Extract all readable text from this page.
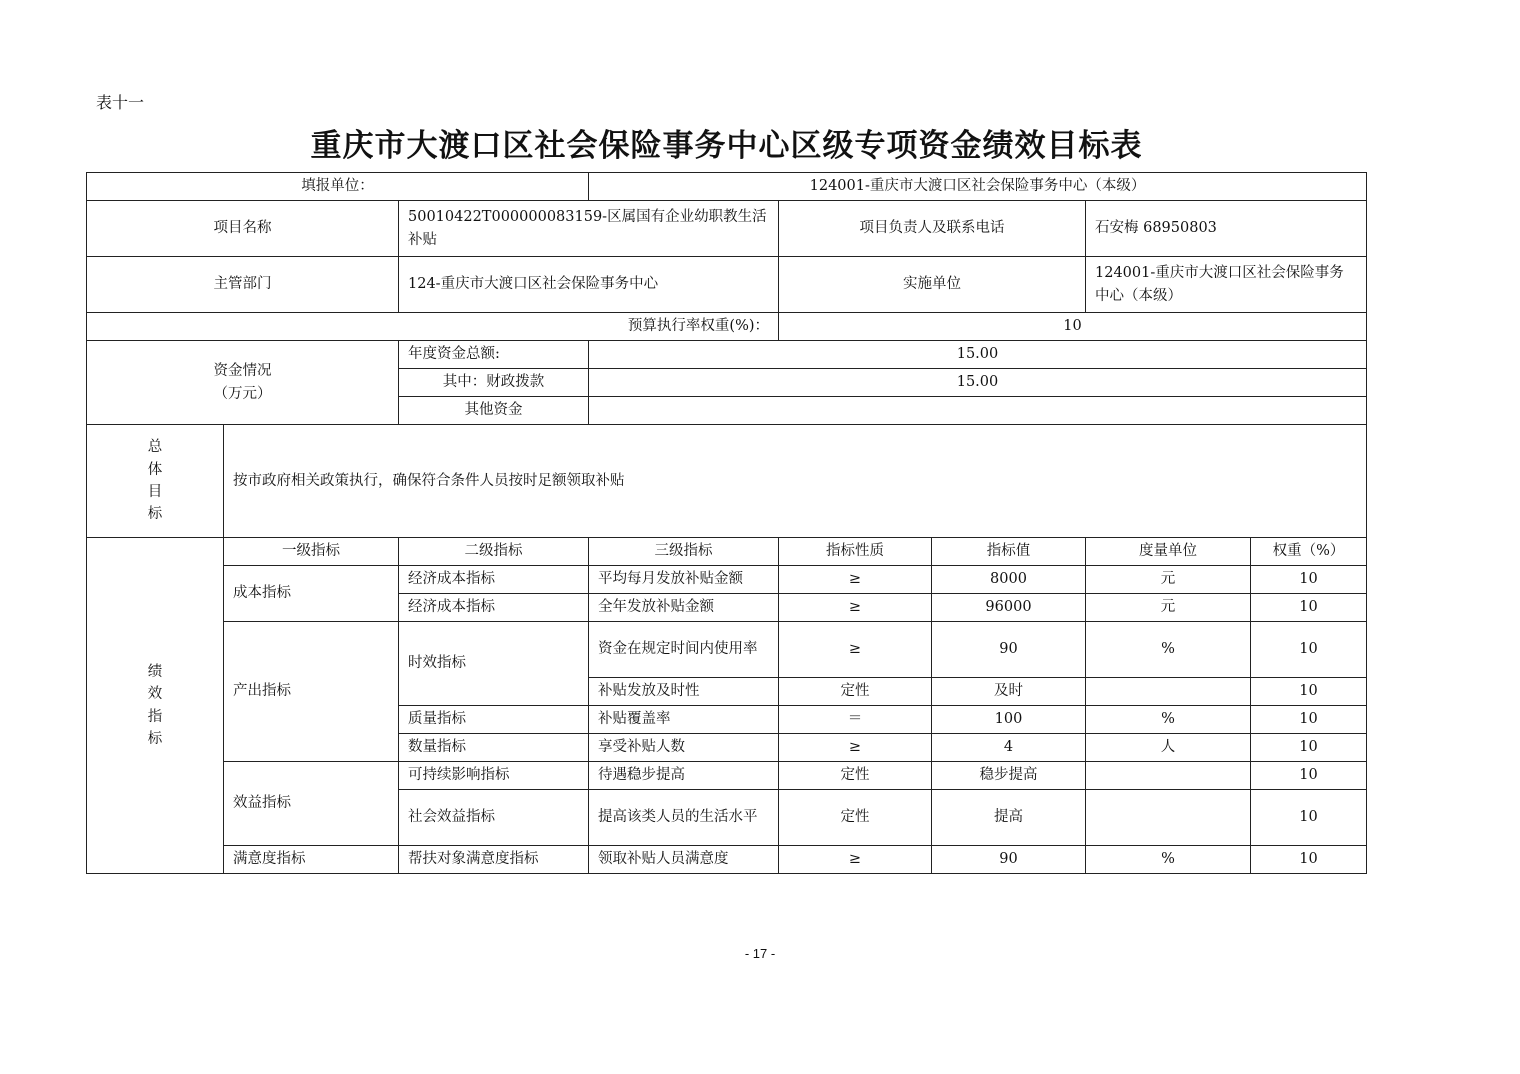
表十一
重庆市大渡口区社会保险事务中心区级专项资金绩效目标表
填报单位：			124001-重庆市大渡口区社会保险事务中心（本级）				
项目名称		50010422T000000083159-区属国有企业幼职教生活补贴		项目负责人及联系电话		石安梅 68950803	
主管部门		124-重庆市大渡口区社会保险事务中心		实施单位		124001-重庆市大渡口区社会保险事务中心（本级）	
预算执行率权重(%)：				10			

资金情况
（万元）		年度资金总额:	15.00				
		其中：财政拨款	15.00				
		其他资金					

总
体
目
标	按市政府相关政策执行，确保符合条件人员按时足额领取补贴						

绩
效
指
标	一级指标	二级指标	三级指标	指标性质	指标值	度量单位	权重（%）
	成本指标	经济成本指标	平均每月发放补贴金额	≥	8000	元	10
		经济成本指标	全年发放补贴金额	≥	96000	元	10
	产出指标	时效指标	资金在规定时间内使用率	≥	90	%	10
			补贴发放及时性	定性	及时		10
		质量指标	补贴覆盖率	＝	100	%	10
		数量指标	享受补贴人数	≥	4	人	10
	效益指标	可持续影响指标	待遇稳步提高	定性	稳步提高		10
		社会效益指标	提高该类人员的生活水平	定性	提高		10
	满意度指标	帮扶对象满意度指标	领取补贴人员满意度	≥	90	%	10
- 17 -
